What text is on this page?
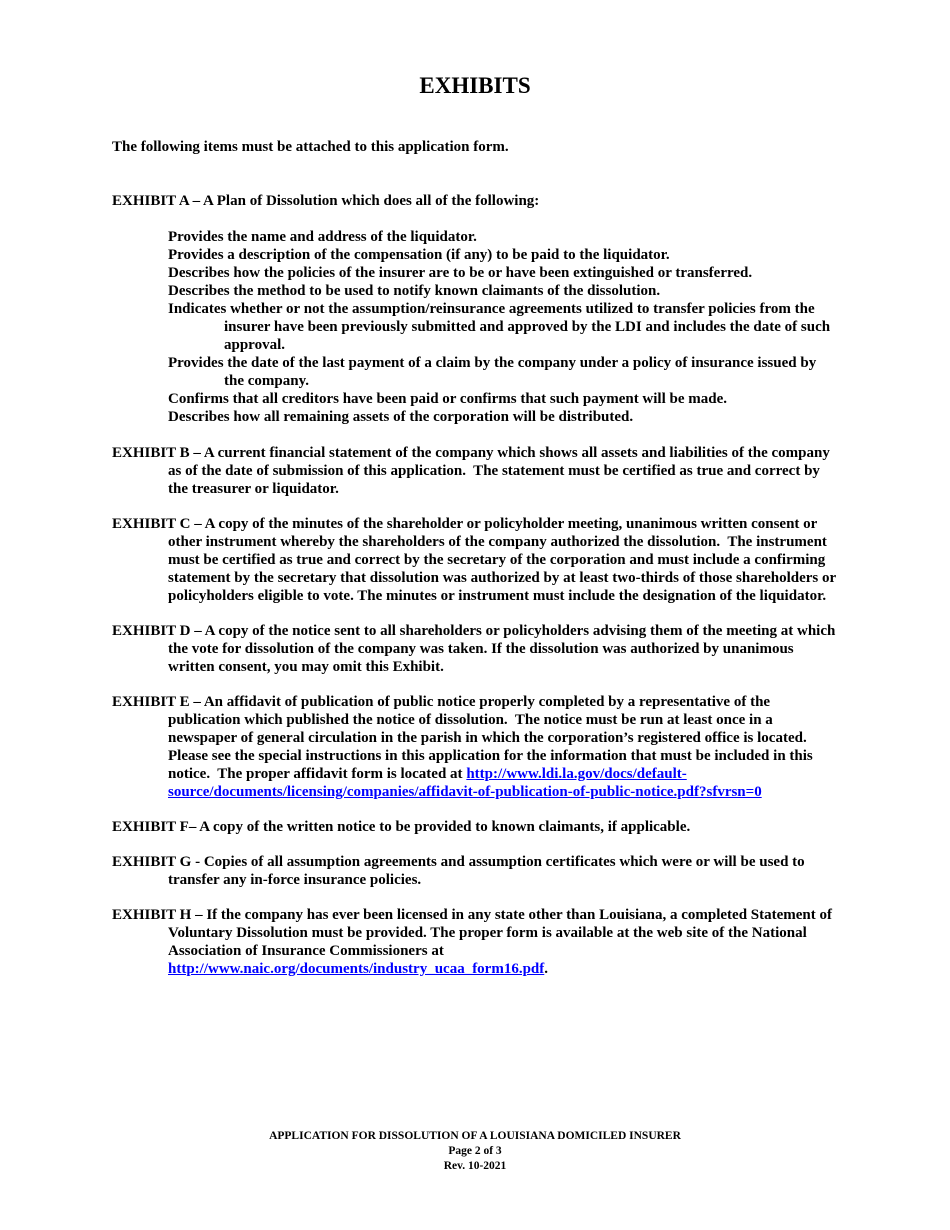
EXHIBITS

The following items must be attached to this application form.

EXHIBIT A – A Plan of Dissolution which does all of the following:

Provides the name and address of the liquidator.
Provides a description of the compensation (if any) to be paid to the liquidator.
Describes how the policies of the insurer are to be or have been extinguished or transferred.
Describes the method to be used to notify known claimants of the dissolution.
Indicates whether or not the assumption/reinsurance agreements utilized to transfer policies from the insurer have been previously submitted and approved by the LDI and includes the date of such approval.
Provides the date of the last payment of a claim by the company under a policy of insurance issued by the company.
Confirms that all creditors have been paid or confirms that such payment will be made.
Describes how all remaining assets of the corporation will be distributed.

EXHIBIT B – A current financial statement of the company which shows all assets and liabilities of the company as of the date of submission of this application.  The statement must be certified as true and correct by the treasurer or liquidator.

EXHIBIT C – A copy of the minutes of the shareholder or policyholder meeting, unanimous written consent or other instrument whereby the shareholders of the company authorized the dissolution.  The instrument must be certified as true and correct by the secretary of the corporation and must include a confirming statement by the secretary that dissolution was authorized by at least two-thirds of those shareholders or policyholders eligible to vote. The minutes or instrument must include the designation of the liquidator.

EXHIBIT D – A copy of the notice sent to all shareholders or policyholders advising them of the meeting at which the vote for dissolution of the company was taken. If the dissolution was authorized by unanimous written consent, you may omit this Exhibit.

EXHIBIT E – An affidavit of publication of public notice properly completed by a representative of the publication which published the notice of dissolution.  The notice must be run at least once in a newspaper of general circulation in the parish in which the corporation’s registered office is located. Please see the special instructions in this application for the information that must be included in this notice.  The proper affidavit form is located at http://www.ldi.la.gov/docs/default-source/documents/licensing/companies/affidavit-of-publication-of-public-notice.pdf?sfvrsn=0

EXHIBIT F– A copy of the written notice to be provided to known claimants, if applicable.

EXHIBIT G - Copies of all assumption agreements and assumption certificates which were or will be used to transfer any in-force insurance policies.

EXHIBIT H – If the company has ever been licensed in any state other than Louisiana, a completed Statement of Voluntary Dissolution must be provided. The proper form is available at the web site of the National Association of Insurance Commissioners at
http://www.naic.org/documents/industry_ucaa_form16.pdf.

APPLICATION FOR DISSOLUTION OF A LOUISIANA DOMICILED INSURER
Page 2 of 3
Rev. 10-2021
